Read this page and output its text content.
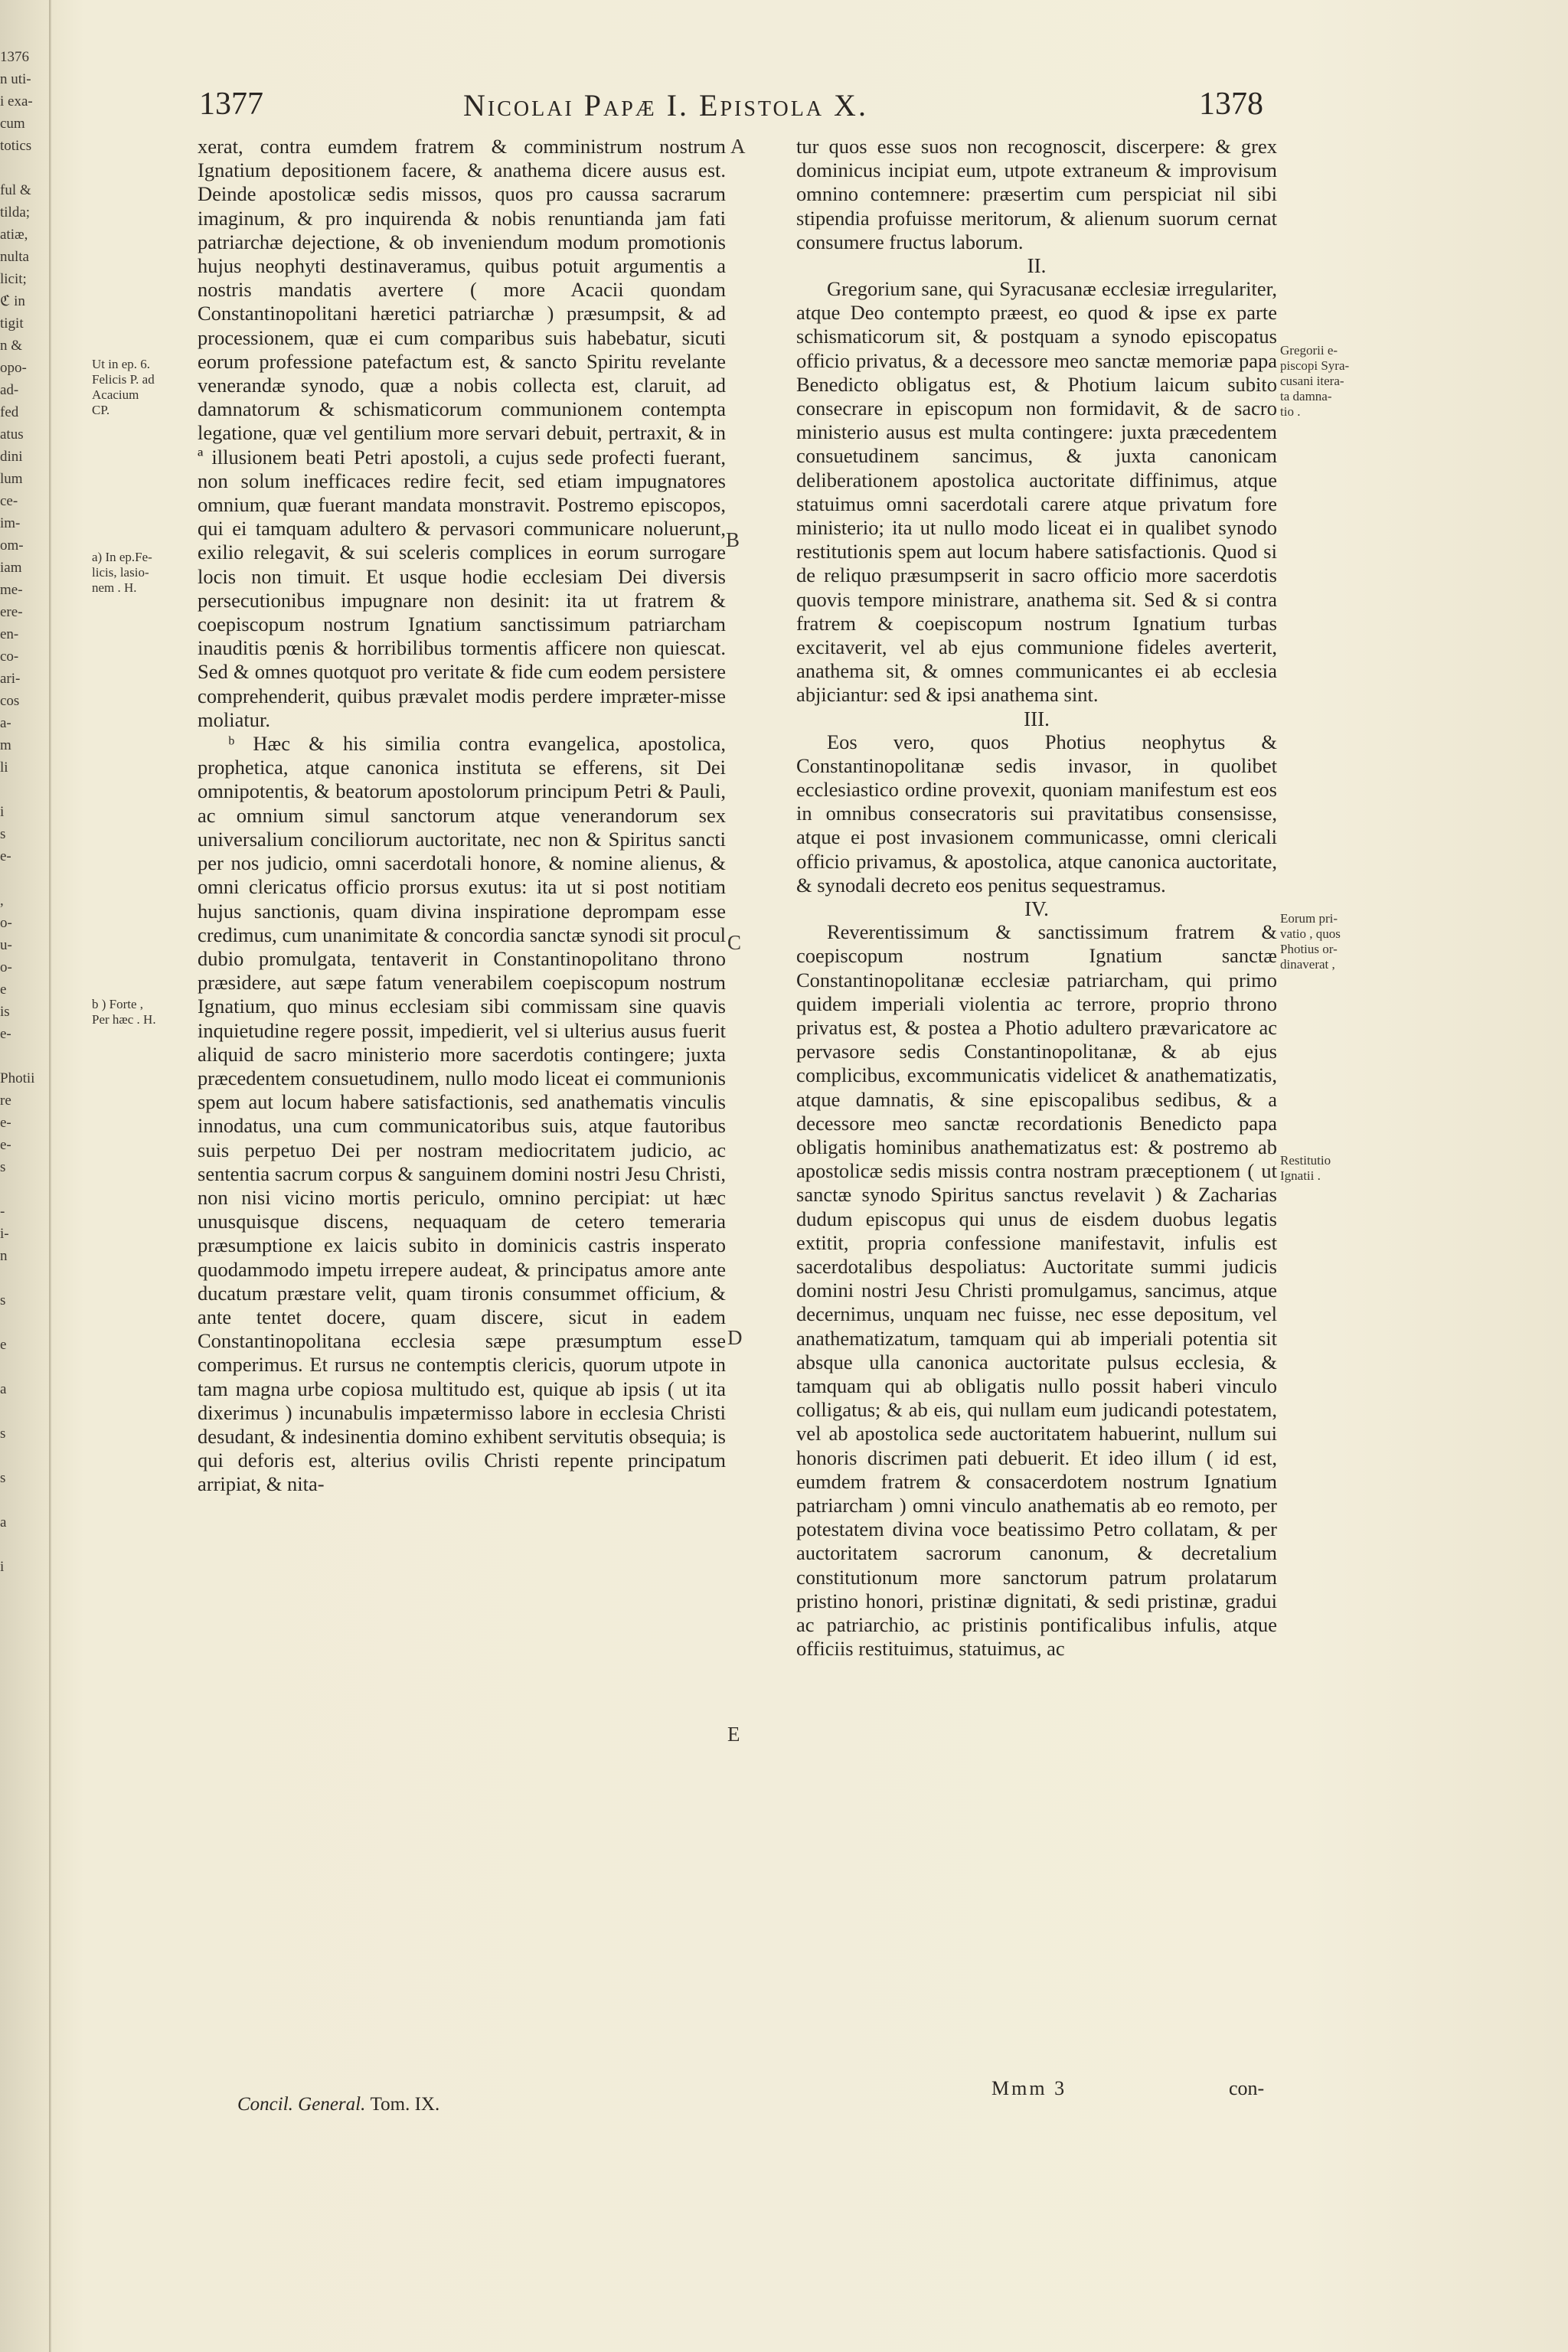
1376
n uti-
i exa-
cum
totics

ful &
tilda;
atiæ,
nulta
licit;
ℭ in
tigit
n &
opo-
ad-
fed
atus
dini
lum
ce-
im-
om-
iam
me-
ere-
en-
co-
ari-
cos
a-
m
li

i
s
e-

,
o-
u-
o-
e
is
e-

Photii
re
e-
e-
s

-
i-
n

s

e

a

s

s

a

i

1377	Nicolai Papæ I. Epistola X.	1378
Ut in ep. 6.
Felicis P. ad
Acacium
CP.
a) In ep.Fe-
licis, lasio-
nem . H.
b ) Forte ,
Per hæc . H.

xerat, contra eumdem fratrem & comministrum nostrum Ignatium depositionem facere, & anathema dicere ausus est. Deinde apostolicæ sedis missos, quos pro caussa sacrarum imaginum, & pro inquirenda & nobis renuntianda jam fati patriarchæ dejectione, & ob inveniendum modum promotionis hujus neophyti destinaveramus, quibus potuit argumentis a nostris mandatis avertere ( more Acacii quondam Constantinopolitani hæretici patriarchæ ) præsumpsit, & ad processionem, quæ ei cum comparibus suis habebatur, sicuti eorum professione patefactum est, & sancto Spiritu revelante venerandæ synodo, quæ a nobis collecta est, claruit, ad damnatorum & schismaticorum communionem contempta legatione, quæ vel gentilium more servari debuit, pertraxit, & in ª illusionem beati Petri apostoli, a cujus sede profecti fuerant, non solum inefficaces redire fecit, sed etiam impugnatores omnium, quæ fuerant mandata monstravit. Postremo episcopos, qui ei tamquam adultero & pervasori communicare noluerunt, exilio relegavit, & sui sceleris complices in eorum surrogare locis non timuit. Et usque hodie ecclesiam Dei diversis persecutionibus impugnare non desinit: ita ut fratrem & coepiscopum nostrum Ignatium sanctissimum patriarcham inauditis pœnis & horribilibus tormentis afficere non quiescat. Sed & omnes quotquot pro veritate & fide cum eodem persistere comprehenderit, quibus prævalet modis perdere impræter-misse moliatur.

ᵇ Hæc & his similia contra evangelica, apostolica, prophetica, atque canonica instituta se efferens, sit Dei omnipotentis, & beatorum apostolorum principum Petri & Pauli, ac omnium simul sanctorum atque venerandorum sex universalium conciliorum auctoritate, nec non & Spiritus sancti per nos judicio, omni sacerdotali honore, & nomine alienus, & omni clericatus officio prorsus exutus: ita ut si post notitiam hujus sanctionis, quam divina inspiratione deprompam esse credimus, cum unanimitate & concordia sanctæ synodi sit procul dubio promulgata, tentaverit in Constantinopolitano throno præsidere, aut sæpe fatum venerabilem coepiscopum nostrum Ignatium, quo minus ecclesiam sibi commissam sine quavis inquietudine regere possit, impedierit, vel si ulterius ausus fuerit aliquid de sacro ministerio more sacerdotis contingere; juxta præcedentem consuetudinem, nullo modo liceat ei communionis spem aut locum habere satisfactionis, sed anathematis vinculis innodatus, una cum communicatoribus suis, atque fautoribus suis perpetuo Dei per nostram mediocritatem judicio, ac sententia sacrum corpus & sanguinem domini nostri Jesu Christi, non nisi vicino mortis periculo, omnino percipiat: ut hæc unusquisque discens, nequaquam de cetero temeraria præsumptione ex laicis subito in dominicis castris insperato quodammodo impetu irrepere audeat, & principatus amore ante ducatum præstare velit, quam tironis consummet officium, & ante tentet docere, quam discere, sicut in eadem Constantinopolitana ecclesia sæpe præsumptum esse comperimus. Et rursus ne contemptis clericis, quorum utpote in tam magna urbe copiosa multitudo est, quique ab ipsis ( ut ita dixerimus ) incunabulis impætermisso labore in ecclesia Christi desudant, & indesinentia domino exhibent servitutis obsequia; is qui deforis est, alterius ovilis Christi repente principatum arripiat, & nita-

A
B
C
D
E

tur quos esse suos non recognoscit, discerpere: & grex dominicus incipiat eum, utpote extraneum & improvisum omnino contemnere: præsertim cum perspiciat nil sibi stipendia profuisse meritorum, & alienum suorum cernat consumere fructus laborum.

II.

Gregorium sane, qui Syracusanæ ecclesiæ irregulariter, atque Deo contempto præest, eo quod & ipse ex parte schismaticorum sit, & postquam a synodo episcopatus officio privatus, & a decessore meo sanctæ memoriæ papa Benedicto obligatus est, & Photium laicum subito consecrare in episcopum non formidavit, & de sacro ministerio ausus est multa contingere: juxta præcedentem consuetudinem sancimus, & juxta canonicam deliberationem apostolica auctoritate diffinimus, atque statuimus omni sacerdotali carere atque privatum fore ministerio; ita ut nullo modo liceat ei in qualibet synodo restitutionis spem aut locum habere satisfactionis. Quod si de reliquo præsumpserit in sacro officio more sacerdotis quovis tempore ministrare, anathema sit. Sed & si contra fratrem & coepiscopum nostrum Ignatium turbas excitaverit, vel ab ejus communione fideles averterit, anathema sit, & omnes communicantes ei ab ecclesia abjiciantur: sed & ipsi anathema sint.

III.

Eos vero, quos Photius neophytus & Constantinopolitanæ sedis invasor, in quolibet ecclesiastico ordine provexit, quoniam manifestum est eos in omnibus consecratoris sui pravitatibus consensisse, atque ei post invasionem communicasse, omni clericali officio privamus, & apostolica, atque canonica auctoritate, & synodali decreto eos penitus sequestramus.

IV.

Reverentissimum & sanctissimum fratrem & coepiscopum nostrum Ignatium sanctæ Constantinopolitanæ ecclesiæ patriarcham, qui primo quidem imperiali violentia ac terrore, proprio throno privatus est, & postea a Photio adultero prævaricatore ac pervasore sedis Constantinopolitanæ, & ab ejus complicibus, excommunicatis videlicet & anathematizatis, atque damnatis, & sine episcopalibus sedibus, & a decessore meo sanctæ recordationis Benedicto papa obligatis hominibus anathematizatus est: & postremo ab apostolicæ sedis missis contra nostram præceptionem ( ut sanctæ synodo Spiritus sanctus revelavit ) & Zacharias dudum episcopus qui unus de eisdem duobus legatis extitit, propria confessione manifestavit, infulis est sacerdotalibus despoliatus: Auctoritate summi judicis domini nostri Jesu Christi promulgamus, sancimus, atque decernimus, unquam nec fuisse, nec esse depositum, vel anathematizatum, tamquam qui ab imperiali potentia sit absque ulla canonica auctoritate pulsus ecclesia, & tamquam qui ab obligatis nullo possit haberi vinculo colligatus; & ab eis, qui nullam eum judicandi potestatem, vel ab apostolica sede auctoritatem habuerint, nullum sui honoris discrimen pati debuerit. Et ideo illum ( id est, eumdem fratrem & consacerdotem nostrum Ignatium patriarcham ) omni vinculo anathematis ab eo remoto, per potestatem divina voce beatissimo Petro collatam, & per auctoritatem sacrorum canonum, & decretalium constitutionum more sanctorum patrum prolatarum pristino honori, pristinæ dignitati, & sedi pristinæ, gradui ac patriarchio, ac pristinis pontificalibus infulis, atque officiis restituimus, statuimus, ac

Gregorii e-
piscopi Syra-
cusani itera-
ta damna-
tio .
Eorum pri-
vatio , quos
Photius or-
dinaverat ,
Restitutio
Ignatii .
Concil. General. Tom. IX.
Mmm 3	con-
